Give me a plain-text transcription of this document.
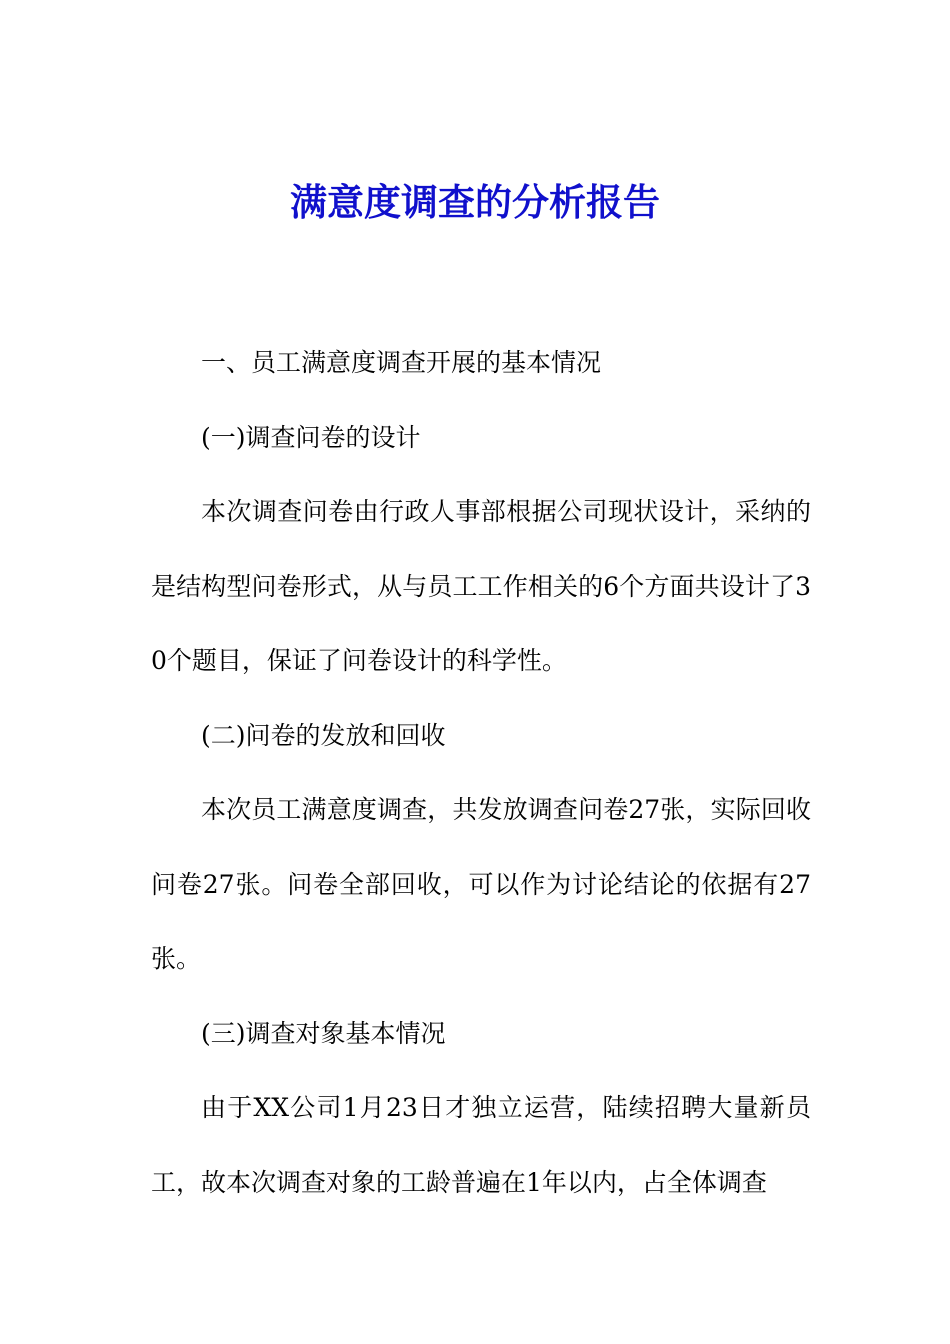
满意度调查的分析报告

一、员工满意度调查开展的基本情况

(一)调查问卷的设计

本次调查问卷由行政人事部根据公司现状设计，采纳的是结构型问卷形式，从与员工工作相关的6个方面共设计了30个题目，保证了问卷设计的科学性。

(二)问卷的发放和回收

本次员工满意度调查，共发放调查问卷27张，实际回收问卷27张。问卷全部回收，可以作为讨论结论的依据有27张。

(三)调查对象基本情况

由于XX公司1月23日才独立运营，陆续招聘大量新员工，故本次调查对象的工龄普遍在1年以内，占全体调查
